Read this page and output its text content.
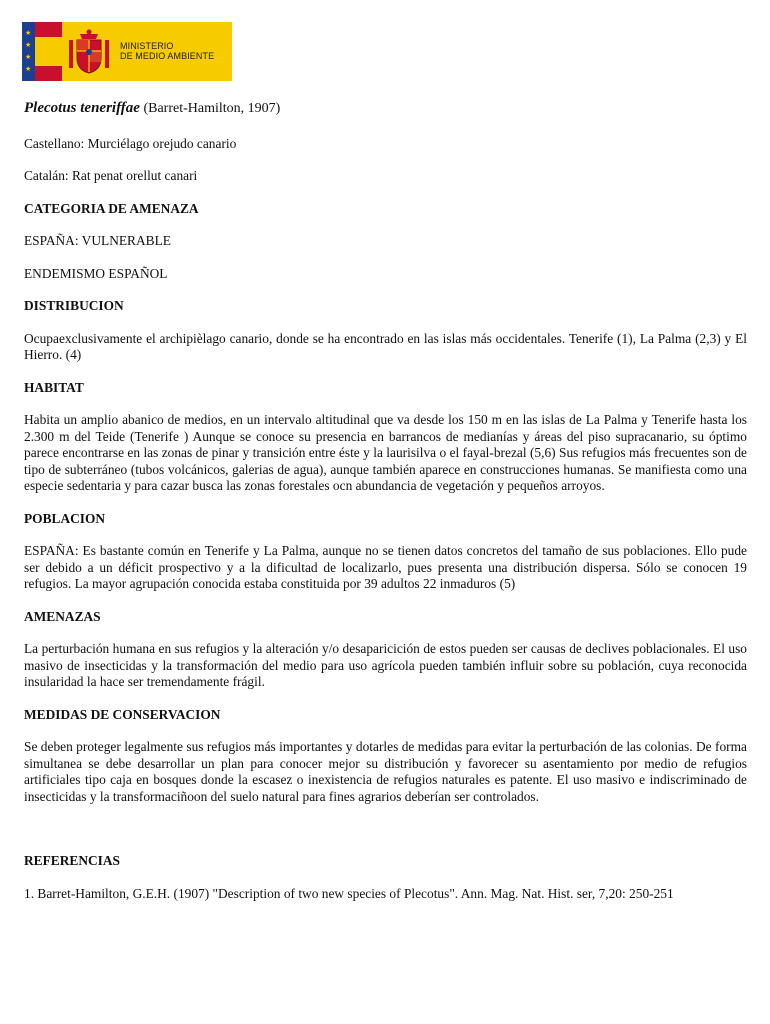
★
★
★
★
MINISTERIO
DE MEDIO AMBIENTE

Plecotus teneriffae (Barret-Hamilton, 1907)

Castellano: Murciélago orejudo canario

Catalán: Rat penat orellut canari

CATEGORIA DE AMENAZA

ESPAÑA: VULNERABLE

ENDEMISMO ESPAÑOL

DISTRIBUCION

Ocupaexclusivamente el archipièlago canario, donde se ha encontrado en las islas más occidentales. Tenerife (1), La Palma (2,3) y El Hierro. (4)

HABITAT

Habita un amplio abanico de medios, en un intervalo altitudinal que va desde los 150 m en las islas de La Palma y Tenerife hasta los 2.300 m del Teide (Tenerife ) Aunque se conoce su presencia en barrancos de medianías y áreas del piso supracanario, su óptimo parece encontrarse en las zonas de pinar y transición entre éste y la laurisilva o el fayal-brezal (5,6) Sus refugios más frecuentes son de tipo de subterráneo (tubos volcánicos, galerias de agua), aunque también aparece en construcciones humanas. Se manifiesta como una especie sedentaria y para cazar busca las zonas forestales ocn abundancia de vegetación y pequeños arroyos.

POBLACION

ESPAÑA: Es bastante común en Tenerife y La Palma, aunque no se tienen datos concretos del tamaño de sus poblaciones. Ello pude ser debido a un déficit prospectivo y a la dificultad de localizarlo, pues presenta una distribución dispersa. Sólo se conocen 19 refugios. La mayor agrupación conocida estaba constituida por 39 adultos 22 inmaduros (5)

AMENAZAS

La perturbación humana en sus refugios y la alteración y/o desaparicición de estos pueden ser causas de declives poblacionales. El uso masivo de insecticidas y la transformación del medio para uso agrícola pueden también influir sobre su población, cuya reconocida insularidad la hace ser tremendamente frágil.

MEDIDAS DE CONSERVACION

Se deben proteger legalmente sus refugios más importantes y dotarles de medidas para evitar la perturbación de las colonias. De forma simultanea se debe desarrollar un plan para conocer mejor su distribución y favorecer su asentamiento por medio de refugios artificiales tipo caja en bosques donde la escasez o inexistencia de refugios naturales es patente. El uso masivo e indiscriminado de insecticidas y la transformaciñoon del suelo natural para fines agrarios deberían ser controlados.

REFERENCIAS

1. Barret-Hamilton, G.E.H. (1907) "Description of two new species of Plecotus". Ann. Mag. Nat. Hist. ser, 7,20: 250-251
